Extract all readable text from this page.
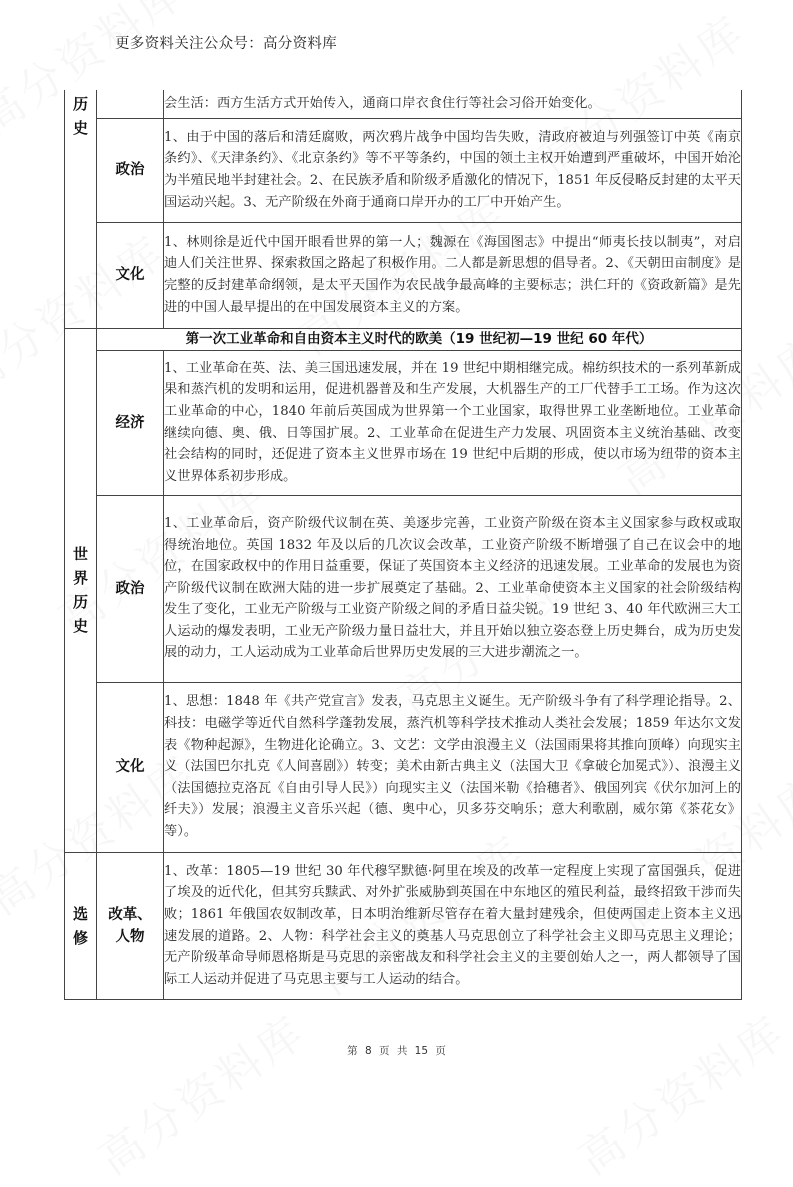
更多资料关注公众号：高分资料库
历史		会生活：西方生活方式开始传入，通商口岸衣食住行等社会习俗开始变化。
	政治	1、由于中国的落后和清廷腐败，两次鸦片战争中国均告失败，清政府被迫与列强签订中英《南京条约》、《天津条约》、《北京条约》等不平等条约，中国的领土主权开始遭到严重破坏，中国开始沦为半殖民地半封建社会。2、在民族矛盾和阶级矛盾激化的情况下，1851 年反侵略反封建的太平天国运动兴起。3、无产阶级在外商于通商口岸开办的工厂中开始产生。
	文化	1、林则徐是近代中国开眼看世界的第一人；魏源在《海国图志》中提出“师夷长技以制夷”，对启迪人们关注世界、探索救国之路起了积极作用。二人都是新思想的倡导者。2、《天朝田亩制度》是完整的反封建革命纲领，是太平天国作为农民战争最高峰的主要标志；洪仁玕的《资政新篇》是先进的中国人最早提出的在中国发展资本主义的方案。
世界历史	第一次工业革命和自由资本主义时代的欧美（19 世纪初—19 世纪 60 年代）	
	经济	1、工业革命在英、法、美三国迅速发展，并在 19 世纪中期相继完成。棉纺织技术的一系列革新成果和蒸汽机的发明和运用，促进机器普及和生产发展，大机器生产的工厂代替手工工场。作为这次工业革命的中心，1840 年前后英国成为世界第一个工业国家，取得世界工业垄断地位。工业革命继续向德、奥、俄、日等国扩展。2、工业革命在促进生产力发展、巩固资本主义统治基础、改变社会结构的同时，还促进了资本主义世界市场在 19 世纪中后期的形成，使以市场为纽带的资本主义世界体系初步形成。
	政治	1、工业革命后，资产阶级代议制在英、美逐步完善，工业资产阶级在资本主义国家参与政权或取得统治地位。英国 1832 年及以后的几次议会改革，工业资产阶级不断增强了自己在议会中的地位，在国家政权中的作用日益重要，保证了英国资本主义经济的迅速发展。工业革命的发展也为资产阶级代议制在欧洲大陆的进一步扩展奠定了基础。2、工业革命使资本主义国家的社会阶级结构发生了变化，工业无产阶级与工业资产阶级之间的矛盾日益尖锐。19 世纪 3、40 年代欧洲三大工人运动的爆发表明，工业无产阶级力量日益壮大，并且开始以独立姿态登上历史舞台，成为历史发展的动力，工人运动成为工业革命后世界历史发展的三大进步潮流之一。
	文化	1、思想：1848 年《共产党宣言》发表，马克思主义诞生。无产阶级斗争有了科学理论指导。2、科技：电磁学等近代自然科学蓬勃发展，蒸汽机等科学技术推动人类社会发展；1859 年达尔文发表《物种起源》，生物进化论确立。3、文艺：文学由浪漫主义（法国雨果将其推向顶峰）向现实主义（法国巴尔扎克《人间喜剧》）转变；美术由新古典主义（法国大卫《拿破仑加冕式》）、浪漫主义（法国德拉克洛瓦《自由引导人民》）向现实主义（法国米勒《拾穗者》、俄国列宾《伏尔加河上的纤夫》）发展；浪漫主义音乐兴起（德、奥中心，贝多芬交响乐；意大利歌剧，威尔第《茶花女》等）。
选修	改革、人物	1、改革：1805—19 世纪 30 年代穆罕默德·阿里在埃及的改革一定程度上实现了富国强兵，促进了埃及的近代化，但其穷兵黩武、对外扩张威胁到英国在中东地区的殖民利益，最终招致干涉而失败；1861 年俄国农奴制改革，日本明治维新尽管存在着大量封建残余，但使两国走上资本主义迅速发展的道路。2、人物：科学社会主义的奠基人马克思创立了科学社会主义即马克思主义理论；无产阶级革命导师恩格斯是马克思的亲密战友和科学社会主义的主要创始人之一，两人都领导了国际工人运动并促进了马克思主要与工人运动的结合。
第 8 页 共 15 页
